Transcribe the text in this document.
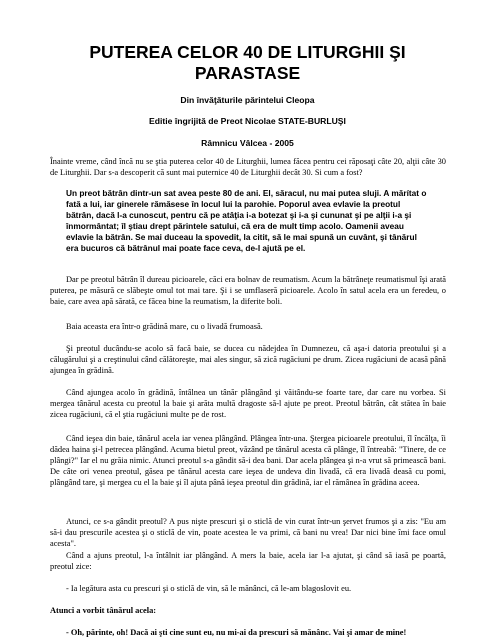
PUTEREA CELOR 40 DE LITURGHII ŞI
PARASTASE

Din învăţăturile părintelui Cleopa

Editie îngrijită de Preot Nicolae STATE-BURLUŞI

Râmnicu Vâlcea - 2005

Înainte vreme, când încă nu se ştia puterea celor 40 de Liturghii, lumea făcea pentru cei răposaţi câte 20, alţii câte 30 de Liturghii. Dar s-a descoperit că sunt mai puternice 40 de Liturghii decât 30. Si cum a fost?

Un preot bătrân dintr-un sat avea peste 80 de ani. El, săracul, nu mai putea sluji. A mărítat o fată a lui, iar ginerele rămăsese în locul lui la parohie. Poporul avea evlavie la preotul bătrân, dacă l-a cunoscut, pentru că pe atâţia i-a botezat şi i-a şi cununat şi pe alţii i-a şi înmormântat; îl ştiau drept părintele satului, că era de mult timp acolo. Oamenii aveau evlavie la bătrân. Se mai duceau la spovedit, la citit, să le mai spună un cuvânt, şi tânărul era bucuros că bătrânul mai poate face ceva, de-l ajută pe el.

Dar pe preotul bătrân îl dureau picioarele, căci era bolnav de reumatism. Acum la bătrâneţe reumatismul îşi arată puterea, pe măsură ce slăbeşte omul tot mai tare. Şi i se umflaseră picioarele. Acolo în satul acela era un feredeu, o baie, care avea apă sărată, ce făcea bine la reumatism, la diferite boli.

Baia aceasta era într-o grădină mare, cu o livadă frumoasă.

Şi preotul ducându-se acolo să facă baie, se ducea cu nădejdea în Dumnezeu, că aşa-i datoria preotului şi a călugărului şi a creştinului când călătoreşte, mai ales singur, să zică rugăciuni pe drum. Zicea rugăciuni de acasă până ajungea în grădină.

Când ajungea acolo în grădină, întâlnea un tânăr plângând şi văitându-se foarte tare, dar care nu vorbea. Si mergea tânărul acesta cu preotul la baie şi arăta multă dragoste să-l ajute pe preot. Preotul bătrân, cât stătea în baie zicea rugăciuni, că el ştia rugăciuni multe pe de rost.

Când ieşea din baie, tânărul acela iar venea plângând. Plângea într-una. Ştergea picioarele preotului, îl încălţa, îi dădea haina şi-l petrecea plângând. Acuma bietul preot, văzând pe tânărul acesta că plânge, îl întreabă: "Tinere, de ce plângi?" Iar el nu grăia nimic. Atunci preotul s-a gândit să-i dea bani. Dar acela plângea şi n-a vrut să primească bani. De câte ori venea preotul, găsea pe tânărul acesta care ieşea de undeva din livadă, că era livadă deasă cu pomi, plângând tare, şi mergea cu el la baie şi îl ajuta până ieşea preotul din grădină, iar el rămânea în grădina aceea.

Atunci, ce s-a gândit preotul? A pus nişte prescuri şi o sticlă de vin curat într-un şervet frumos şi a zis: "Eu am să-i dau prescurile acestea şi o sticlă de vin, poate acestea le va primi, că bani nu vrea! Dar nici bine îmi face omul acesta".

Când a ajuns preotul, l-a întâlnit iar plângând. A mers la baie, acela iar l-a ajutat, şi când să iasă pe poartă, preotul zice:

- Ia legătura asta cu prescuri şi o sticlă de vin, să le mănânci, că le-am blagoslovit eu.

Atunci a vorbit tânărul acela:

- Oh, părinte, oh! Dacă ai şti cine sunt eu, nu mi-ai da prescuri să mănânc. Vai şi amar de mine!
